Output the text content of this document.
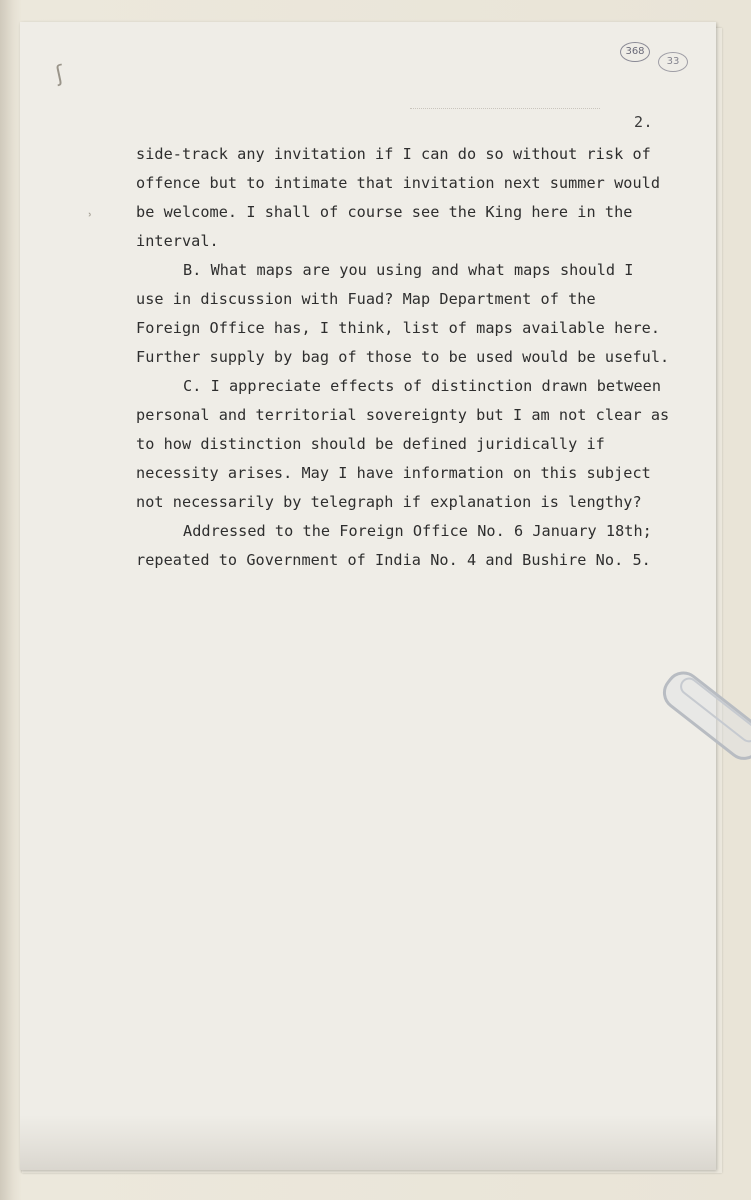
ʃ
˒
368
33
2.
side-track any invitation if I can do so without risk of
offence but to intimate that invitation next summer would
be welcome. I shall of course see the King here in the
interval.
B. What maps are you using and what maps should I
use in discussion with Fuad? Map Department of the
Foreign Office has, I think, list of maps available here.
Further supply by bag of those to be used would be useful.
C. I appreciate effects of distinction drawn between
personal and territorial sovereignty but I am not clear as
to how distinction should be defined juridically if
necessity arises. May I have information on this subject
not necessarily by telegraph if explanation is lengthy?
Addressed to the Foreign Office No. 6 January 18th;
repeated to Government of India No. 4 and Bushire No. 5.
